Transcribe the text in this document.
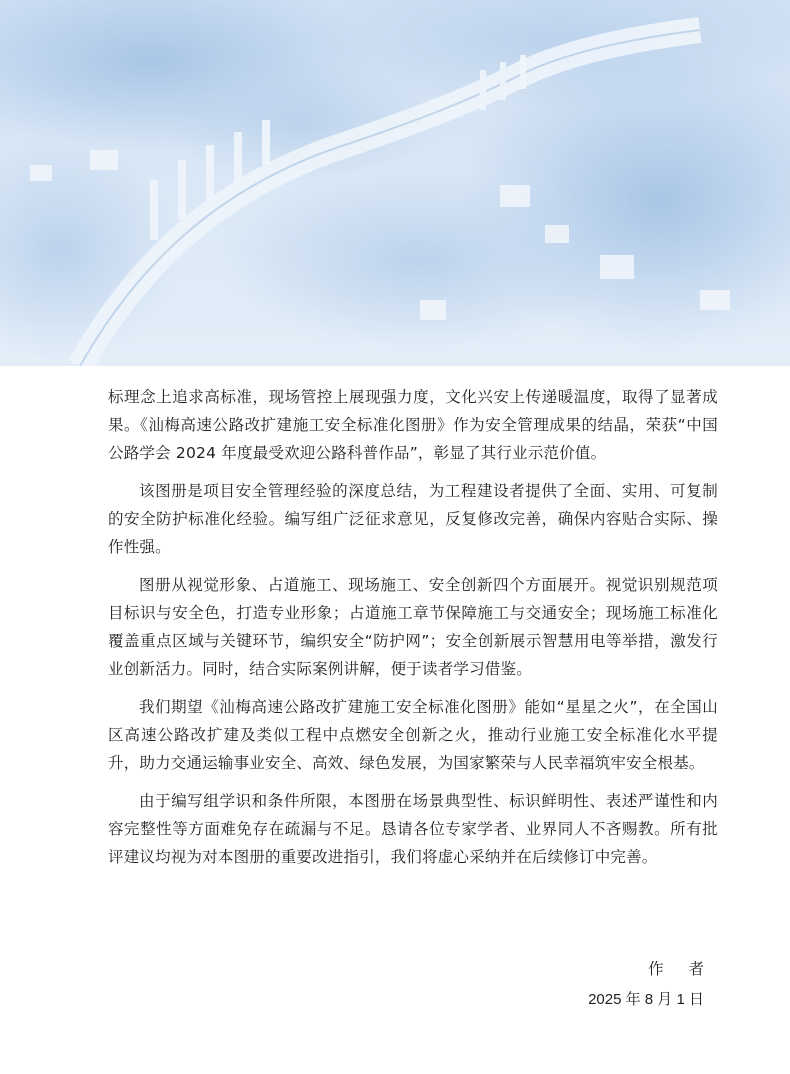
标理念上追求高标准，现场管控上展现强力度，文化兴安上传递暖温度，取得了显著成果。《汕梅高速公路改扩建施工安全标准化图册》作为安全管理成果的结晶，荣获“中国公路学会 2024 年度最受欢迎公路科普作品”，彰显了其行业示范价值。

该图册是项目安全管理经验的深度总结，为工程建设者提供了全面、实用、可复制的安全防护标准化经验。编写组广泛征求意见，反复修改完善，确保内容贴合实际、操作性强。

图册从视觉形象、占道施工、现场施工、安全创新四个方面展开。视觉识别规范项目标识与安全色，打造专业形象；占道施工章节保障施工与交通安全；现场施工标准化覆盖重点区域与关键环节，编织安全“防护网”；安全创新展示智慧用电等举措，激发行业创新活力。同时，结合实际案例讲解，便于读者学习借鉴。

我们期望《汕梅高速公路改扩建施工安全标准化图册》能如“星星之火”，在全国山区高速公路改扩建及类似工程中点燃安全创新之火，推动行业施工安全标准化水平提升，助力交通运输事业安全、高效、绿色发展，为国家繁荣与人民幸福筑牢安全根基。

由于编写组学识和条件所限，本图册在场景典型性、标识鲜明性、表述严谨性和内容完整性等方面难免存在疏漏与不足。恳请各位专家学者、业界同人不吝赐教。所有批评建议均视为对本图册的重要改进指引，我们将虚心采纳并在后续修订中完善。

作 者
2025 年 8 月 1 日
